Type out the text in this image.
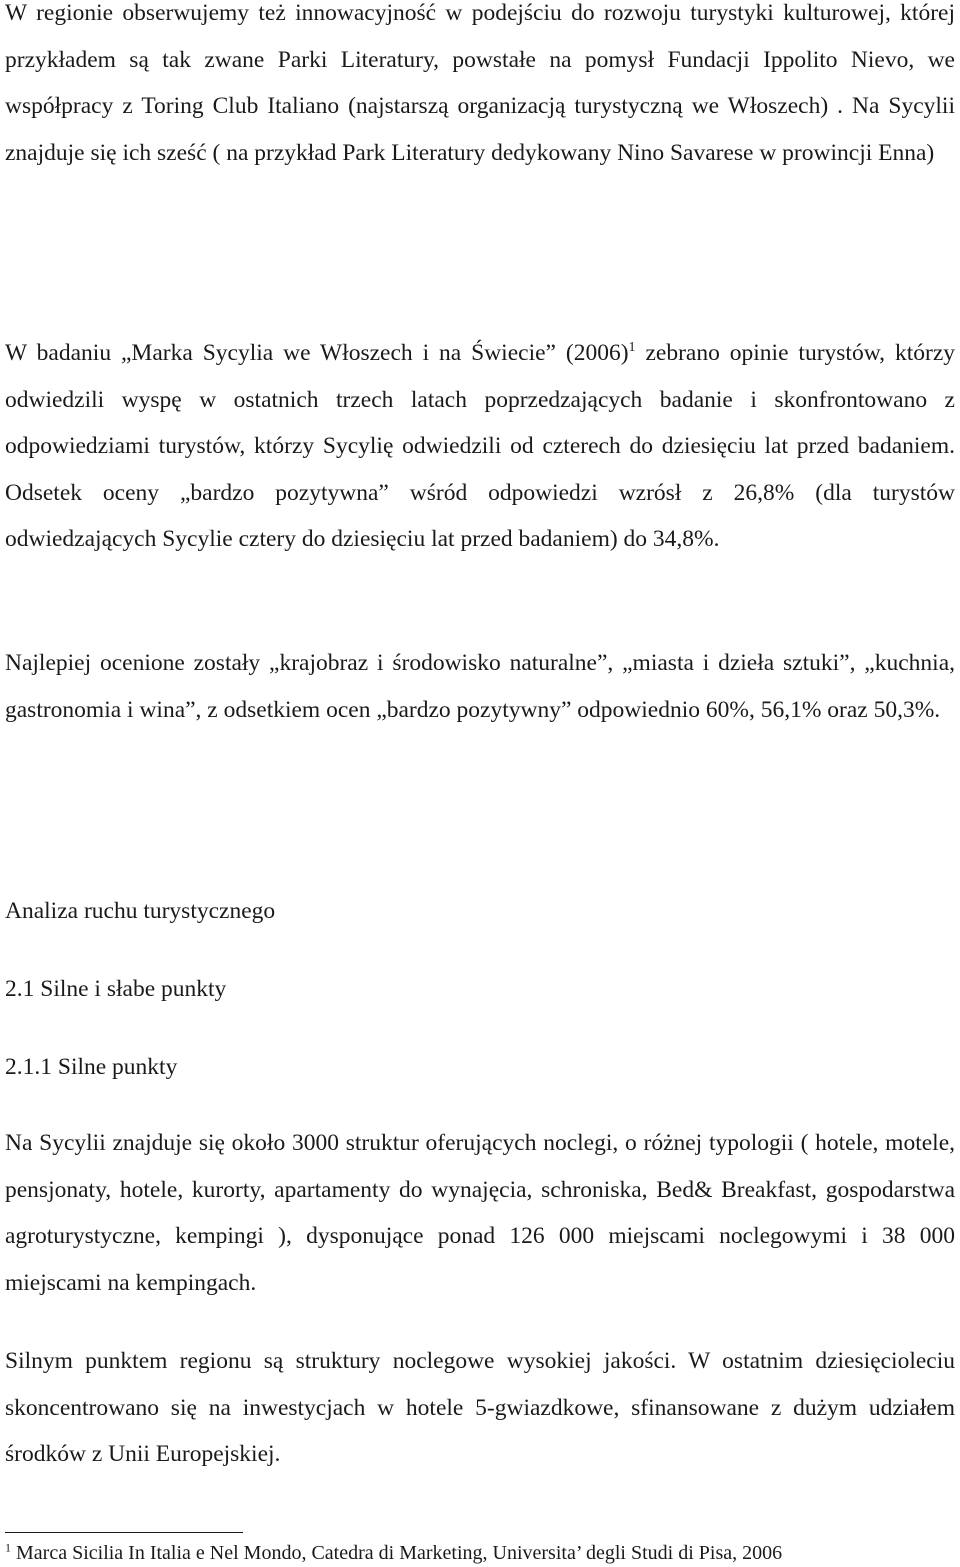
W regionie obserwujemy też innowacyjność w podejściu do rozwoju turystyki kulturowej, której przykładem są tak zwane Parki Literatury, powstałe na pomysł Fundacji Ippolito Nievo, we współpracy z Toring Club Italiano (najstarszą organizacją turystyczną we Włoszech) . Na Sycylii znajduje się ich sześć ( na przykład Park Literatury dedykowany Nino Savarese w prowincji Enna)

W badaniu „Marka Sycylia we Włoszech i na Świecie” $(2006)^1$ zebrano opinie turystów, którzy odwiedzili wyspę w ostatnich trzech latach poprzedzających badanie i skonfrontowano z odpowiedziami turystów, którzy Sycylię odwiedzili od czterech do dziesięciu lat przed badaniem. Odsetek oceny „bardzo pozytywna” wśród odpowiedzi wzrósł z 26,8% (dla turystów odwiedzających Sycylie cztery do dziesięciu lat przed badaniem) do 34,8%.

Najlepiej ocenione zostały „krajobraz i środowisko naturalne”, „miasta i dzieła sztuki”, „kuchnia, gastronomia i wina”, z odsetkiem ocen „bardzo pozytywny” odpowiednio 60%, 56,1% oraz 50,3%.

Analiza ruchu turystycznego
2.1 Silne i słabe punkty
2.1.1 Silne punkty

Na Sycylii znajduje się około 3000 struktur oferujących noclegi, o różnej typologii ( hotele, motele, pensjonaty, hotele, kurorty, apartamenty do wynajęcia, schroniska, Bed& Breakfast, gospodarstwa agroturystyczne, kempingi ), dysponujące ponad 126 000 miejscami noclegowymi i 38 000 miejscami na kempingach.

Silnym punktem regionu są struktury noclegowe wysokiej jakości. W ostatnim dziesięcioleciu skoncentrowano się na inwestycjach w hotele 5-gwiazdkowe, sfinansowane z dużym udziałem środków z Unii Europejskiej.

$^1$ Marca Sicilia In Italia e Nel Mondo, Catedra di Marketing, Universita’ degli Studi di Pisa, 2006
